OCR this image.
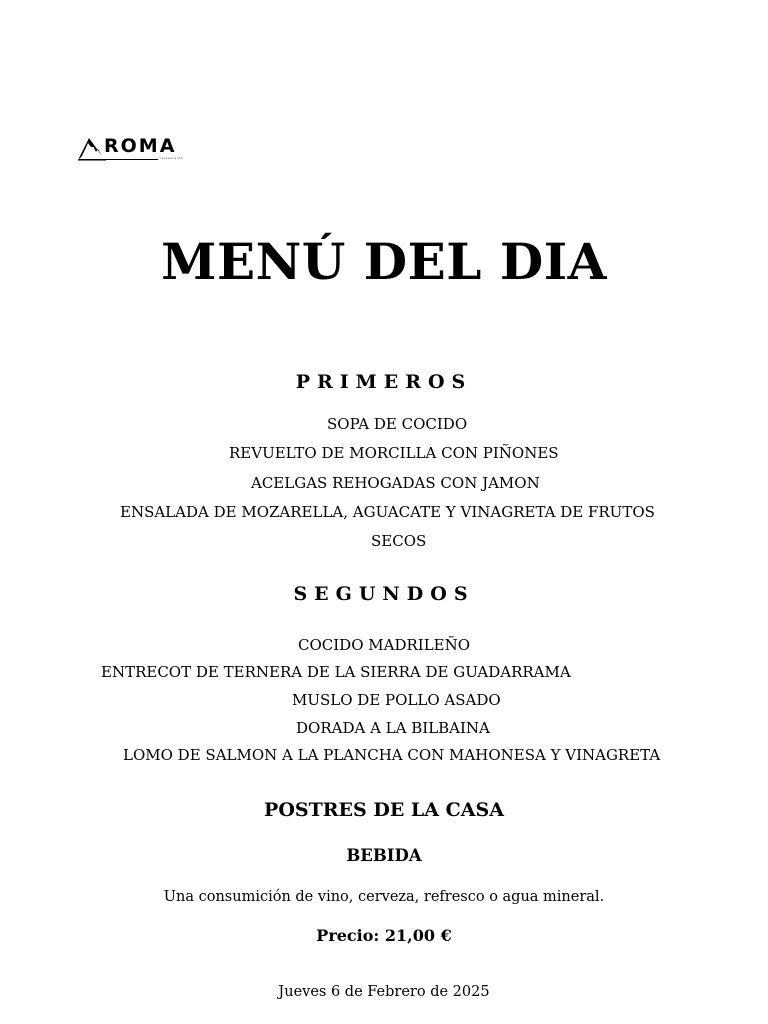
ROMA
restaurante
MENÚ DEL DIA
PRIMEROS
SOPA DE COCIDO
REVUELTO DE MORCILLA CON PIÑONES
ACELGAS REHOGADAS CON JAMON
ENSALADA DE MOZARELLA, AGUACATE Y VINAGRETA DE FRUTOS
SECOS
SEGUNDOS
COCIDO MADRILEÑO
ENTRECOT DE TERNERA DE LA SIERRA DE GUADARRAMA
MUSLO DE POLLO ASADO
DORADA A LA BILBAINA
LOMO DE SALMON A LA PLANCHA CON MAHONESA Y VINAGRETA
POSTRES DE LA CASA
BEBIDA
Una consumición de vino, cerveza, refresco o agua mineral.
Precio: 21,00 €
Jueves 6 de Febrero de 2025
